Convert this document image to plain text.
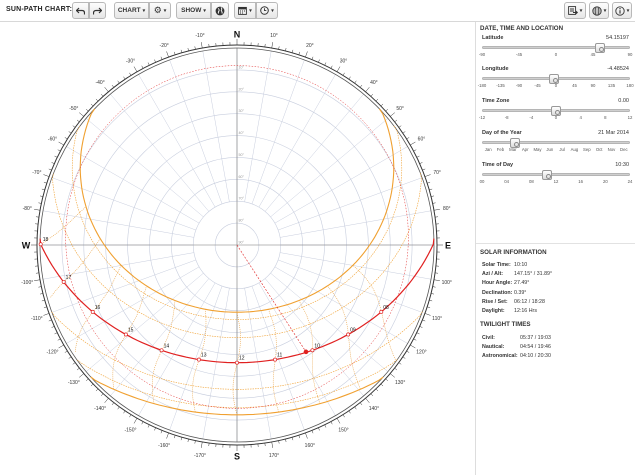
SUN-PATH CHART:	CHART ▾ ⚙ ▾ SHOW ▾	▾	▾	▾	▾	▾
10°
20°
30°
40°
50°
60°
70°
80°
100°
110°
120°
130°
140°
150°
160°
170°
-170°
-160°
-150°
-140°
-130°
-120°
-110°
-100°
-80°
-70°
-60°
-50°
-40°
-30°
-20°
-10°	N
E
S
W	90°
80°
70°
60°
50°
40°
30°
20°
10°
08
09
10
11
12
13
14
15
16
17
18
DATE, TIME AND LOCATION
Latitude	54.15197
-90	-45	0	45	90
Longitude	-4.48524
-180 -135	-90	-45	0	45	90	135	180
Time Zone	0.00
-12	-8	-4	0	4	8	12
Day of the Year	21 Mar 2014
Jan Feb Mar Apr May Jun Jul Aug Sep Oct Nov Dec
Time of Day	10:30
00	04	08	12	16	20	24
SOLAR INFORMATION
Solar Time: 10:10
Azi / Alt: 147.15° / 31.89°
Hour Angle: 27.49°
Declination: 0.39°
Rise / Set: 06:12 / 18:28
Daylight: 12:16 Hrs
TWILIGHT TIMES
Civil:	05:37 / 19:03
Nautical:	04:54 / 19:46
Astronomical: 04:10 / 20:30
